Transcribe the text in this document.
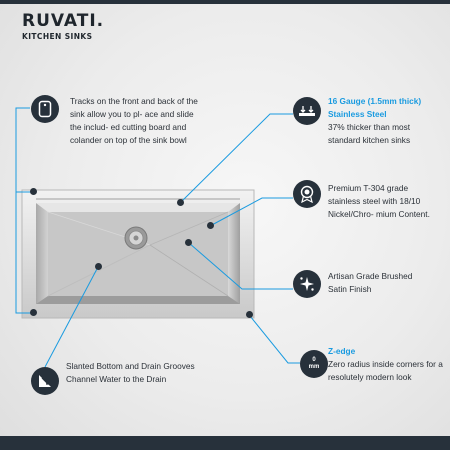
RUVATI.
KITCHEN SINKS
Tracks on the front and back of the sink allow you to pl- ace and slide the includ- ed cutting board and colander on top of the sink bowl
16 Gauge (1.5mm thick) Stainless Steel
37% thicker than most standard kitchen sinks
Premium T-304 grade stainless steel with 18/10 Nickel/Chro- mium Content.
Artisan Grade Brushed Satin Finish
0 mm
Z-edge
Zero radius inside corners for a resolutely modern look
Slanted Bottom and Drain Grooves Channel Water to the Drain
